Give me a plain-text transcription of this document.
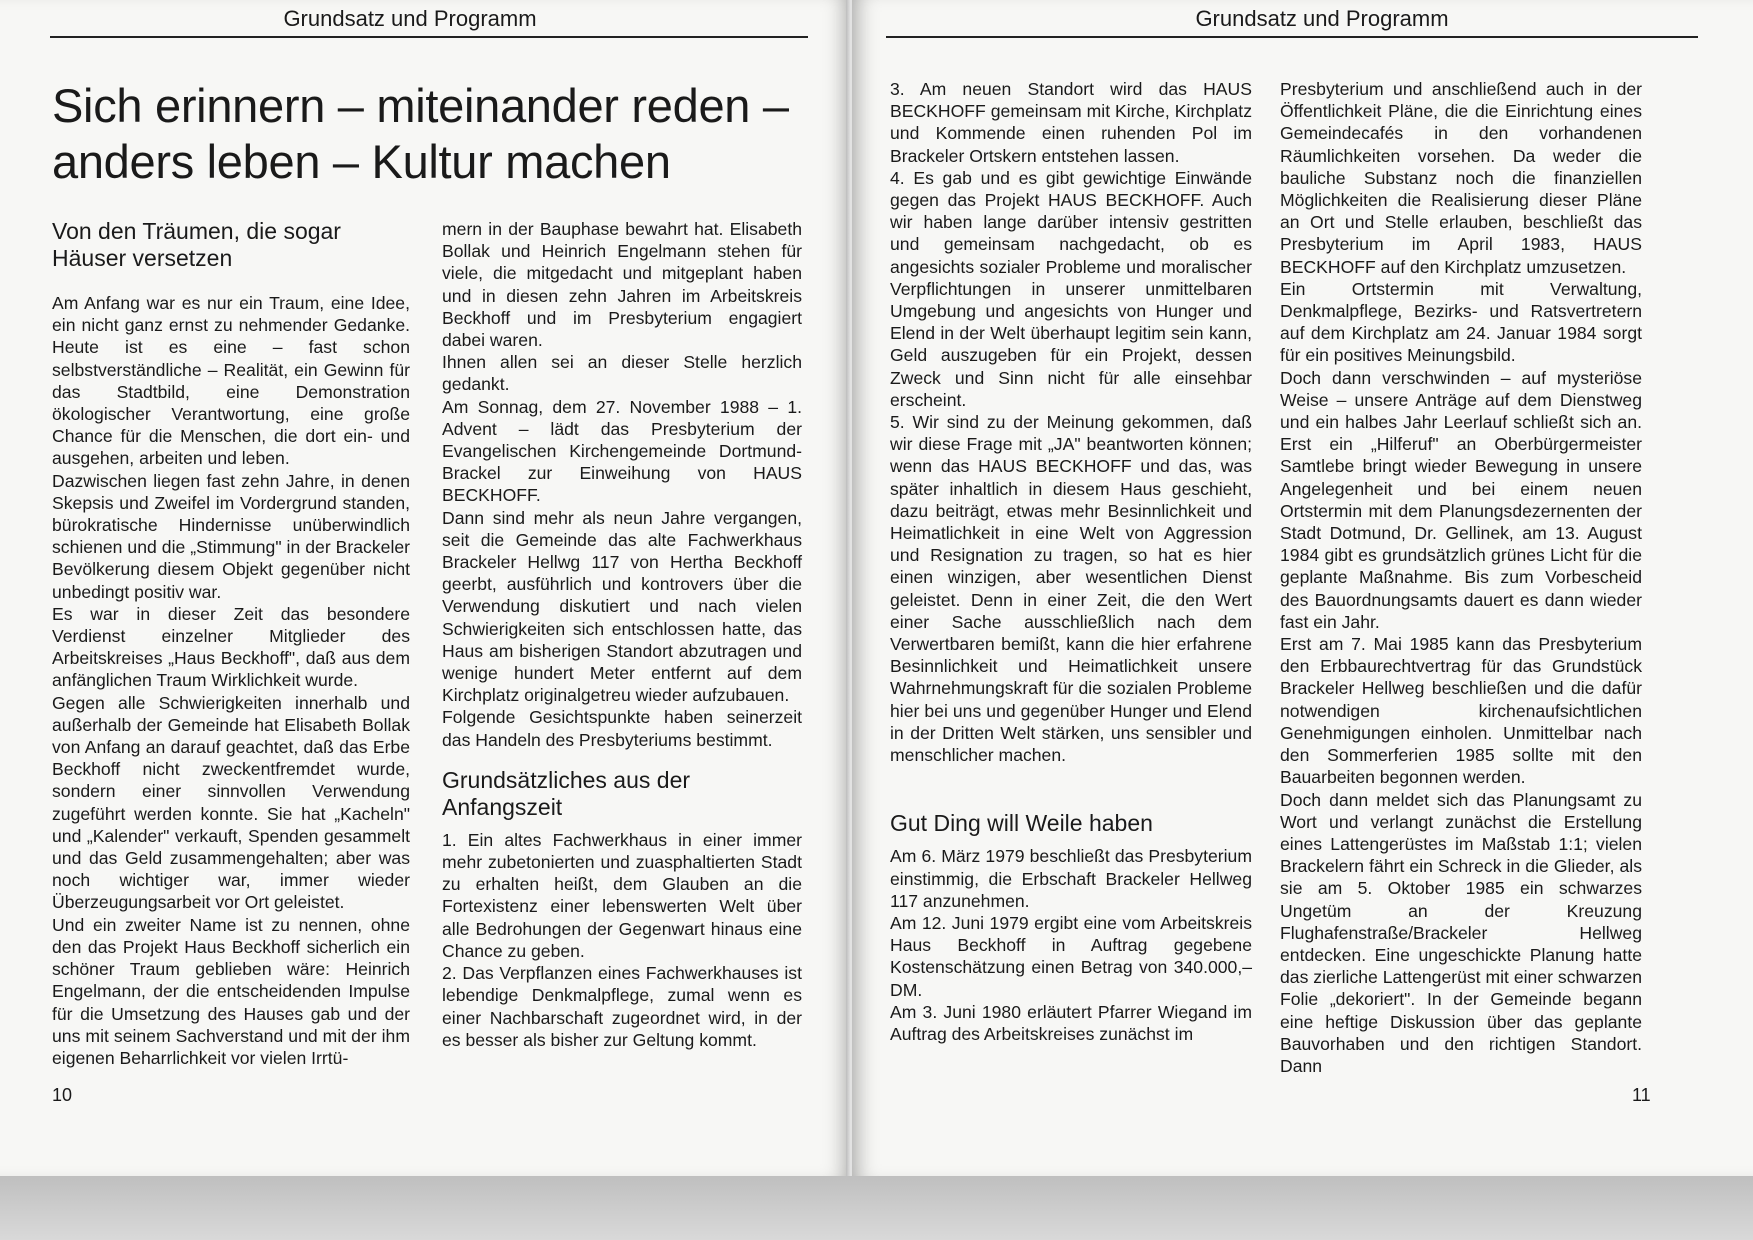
Grundsatz und Programm
Sich erinnern – miteinander reden –
anders leben – Kultur machen
Von den Träumen, die sogar Häuser versetzen

Am Anfang war es nur ein Traum, eine Idee, ein nicht ganz ernst zu nehmender Gedanke. Heute ist es eine – fast schon selbstverständliche – Realität, ein Gewinn für das Stadtbild, eine Demonstration ökologischer Verantwortung, eine große Chance für die Menschen, die dort ein- und ausgehen, arbeiten und leben.

Dazwischen liegen fast zehn Jahre, in denen Skepsis und Zweifel im Vordergrund standen, bürokratische Hindernisse unüberwindlich schienen und die „Stimmung" in der Brackeler Bevölkerung diesem Objekt gegenüber nicht unbedingt positiv war.

Es war in dieser Zeit das besondere Verdienst einzelner Mitglieder des Arbeitskreises „Haus Beckhoff", daß aus dem anfänglichen Traum Wirklichkeit wurde.

Gegen alle Schwierigkeiten innerhalb und außerhalb der Gemeinde hat Elisabeth Bollak von Anfang an darauf geachtet, daß das Erbe Beckhoff nicht zweckentfremdet wurde, sondern einer sinnvollen Verwendung zugeführt werden konnte. Sie hat „Kacheln" und „Kalender" verkauft, Spenden gesammelt und das Geld zusammengehalten; aber was noch wichtiger war, immer wieder Überzeugungsarbeit vor Ort geleistet.

Und ein zweiter Name ist zu nennen, ohne den das Projekt Haus Beckhoff sicherlich ein schöner Traum geblieben wäre: Heinrich Engelmann, der die entscheidenden Impulse für die Umsetzung des Hauses gab und der uns mit seinem Sachverstand und mit der ihm eigenen Beharrlichkeit vor vielen Irrtü-

mern in der Bauphase bewahrt hat. Elisabeth Bollak und Heinrich Engelmann stehen für viele, die mitgedacht und mitgeplant haben und in diesen zehn Jahren im Arbeitskreis Beckhoff und im Presbyterium engagiert dabei waren.

Ihnen allen sei an dieser Stelle herzlich gedankt.

Am Sonnag, dem 27. November 1988 – 1. Advent – lädt das Presbyterium der Evangelischen Kirchengemeinde Dortmund-Brackel zur Einweihung von HAUS BECKHOFF.

Dann sind mehr als neun Jahre vergangen, seit die Gemeinde das alte Fachwerkhaus Brackeler Hellwg 117 von Hertha Beckhoff geerbt, ausführlich und kontrovers über die Verwendung diskutiert und nach vielen Schwierigkeiten sich entschlossen hatte, das Haus am bisherigen Standort abzutragen und wenige hundert Meter entfernt auf dem Kirchplatz originalgetreu wieder aufzubauen.

Folgende Gesichtspunkte haben seinerzeit das Handeln des Presbyteriums bestimmt.

Grundsätzliches aus der Anfangszeit

1. Ein altes Fachwerkhaus in einer immer mehr zubetonierten und zuasphaltierten Stadt zu erhalten heißt, dem Glauben an die Fortexistenz einer lebenswerten Welt über alle Bedrohungen der Gegenwart hinaus eine Chance zu geben.

2. Das Verpflanzen eines Fachwerkhauses ist lebendige Denkmalpflege, zumal wenn es einer Nachbarschaft zugeordnet wird, in der es besser als bisher zur Geltung kommt.

10
Grundsatz und Programm

3. Am neuen Standort wird das HAUS BECKHOFF gemeinsam mit Kirche, Kirchplatz und Kommende einen ruhenden Pol im Brackeler Ortskern entstehen lassen.

4. Es gab und es gibt gewichtige Einwände gegen das Projekt HAUS BECKHOFF. Auch wir haben lange darüber intensiv gestritten und gemeinsam nachgedacht, ob es angesichts sozialer Probleme und moralischer Verpflichtungen in unserer unmittelbaren Umgebung und angesichts von Hunger und Elend in der Welt überhaupt legitim sein kann, Geld auszugeben für ein Projekt, dessen Zweck und Sinn nicht für alle einsehbar erscheint.

5. Wir sind zu der Meinung gekommen, daß wir diese Frage mit „JA" beantworten können; wenn das HAUS BECKHOFF und das, was später inhaltlich in diesem Haus geschieht, dazu beiträgt, etwas mehr Besinnlichkeit und Heimatlichkeit in eine Welt von Aggression und Resignation zu tragen, so hat es hier einen winzigen, aber wesentlichen Dienst geleistet. Denn in einer Zeit, die den Wert einer Sache ausschließlich nach dem Verwertbaren bemißt, kann die hier erfahrene Besinnlichkeit und Heimatlichkeit unsere Wahrnehmungskraft für die sozialen Probleme hier bei uns und gegenüber Hunger und Elend in der Dritten Welt stärken, uns sensibler und menschlicher machen.

Gut Ding will Weile haben

Am 6. März 1979 beschließt das Presbyterium einstimmig, die Erbschaft Brackeler Hellweg 117 anzunehmen.

Am 12. Juni 1979 ergibt eine vom Arbeitskreis Haus Beckhoff in Auftrag gegebene Kostenschätzung einen Betrag von 340.000,– DM.

Am 3. Juni 1980 erläutert Pfarrer Wiegand im Auftrag des Arbeitskreises zunächst im

Presbyterium und anschließend auch in der Öffentlichkeit Pläne, die die Einrichtung eines Gemeindecafés in den vorhandenen Räumlichkeiten vorsehen. Da weder die bauliche Substanz noch die finanziellen Möglichkeiten die Realisierung dieser Pläne an Ort und Stelle erlauben, beschließt das Presbyterium im April 1983, HAUS BECKHOFF auf den Kirchplatz umzusetzen.

Ein Ortstermin mit Verwaltung, Denkmalpflege, Bezirks- und Ratsvertretern auf dem Kirchplatz am 24. Januar 1984 sorgt für ein positives Meinungsbild.

Doch dann verschwinden – auf mysteriöse Weise – unsere Anträge auf dem Dienstweg und ein halbes Jahr Leerlauf schließt sich an. Erst ein „Hilferuf" an Oberbürgermeister Samtlebe bringt wieder Bewegung in unsere Angelegenheit und bei einem neuen Ortstermin mit dem Planungsdezernenten der Stadt Dotmund, Dr. Gellinek, am 13. August 1984 gibt es grundsätzlich grünes Licht für die geplante Maßnahme. Bis zum Vorbescheid des Bauordnungsamts dauert es dann wieder fast ein Jahr.

Erst am 7. Mai 1985 kann das Presbyterium den Erbbaurechtvertrag für das Grundstück Brackeler Hellweg beschließen und die dafür notwendigen kirchenaufsichtlichen Genehmigungen einholen. Unmittelbar nach den Sommerferien 1985 sollte mit den Bauarbeiten begonnen werden.

Doch dann meldet sich das Planungsamt zu Wort und verlangt zunächst die Erstellung eines Lattengerüstes im Maßstab 1:1; vielen Brackelern fährt ein Schreck in die Glieder, als sie am 5. Oktober 1985 ein schwarzes Ungetüm an der Kreuzung Flughafenstraße/Brackeler Hellweg entdecken. Eine ungeschickte Planung hatte das zierliche Lattengerüst mit einer schwarzen Folie „dekoriert". In der Gemeinde begann eine heftige Diskussion über das geplante Bauvorhaben und den richtigen Standort. Dann

11
